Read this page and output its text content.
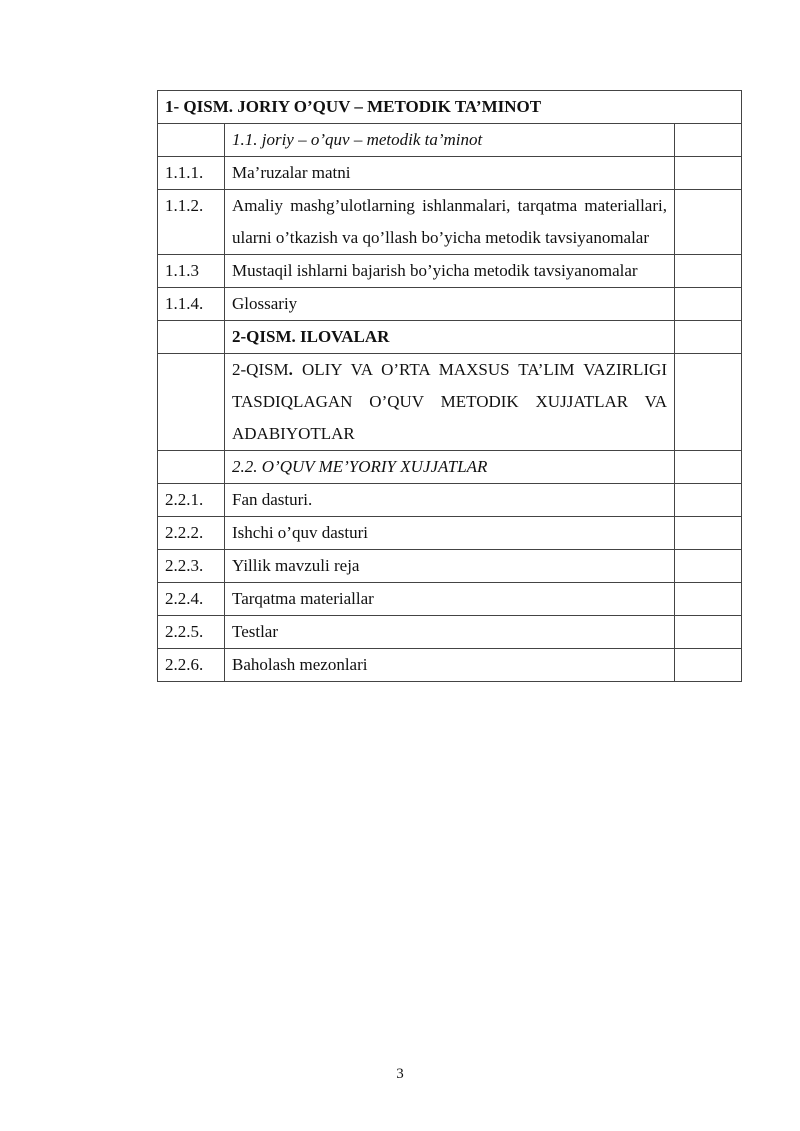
1- QISM. JORIY O’QUV – METODIK TA’MINOT		
	1.1. joriy – o’quv – metodik ta’minot	
1.1.1.	Ma’ruzalar matni	
1.1.2.	Amaliy mashg’ulotlarning ishlanmalari, tarqatma materiallari, ularni o’tkazish va qo’llash bo’yicha metodik tavsiyanomalar	
1.1.3	Mustaqil ishlarni bajarish bo’yicha metodik tavsiyanomalar	
1.1.4.	Glossariy	
	2-QISM. ILOVALAR	
	2-QISM. OLIY VA O’RTA MAXSUS TA’LIM VAZIRLIGI TASDIQLAGAN O’QUV METODIK XUJJATLAR VA ADABIYOTLAR	
	2.2. O’QUV ME’YORIY XUJJATLAR	
2.2.1.	Fan dasturi.	
2.2.2.	Ishchi o’quv dasturi	
2.2.3.	Yillik mavzuli reja	
2.2.4.	Tarqatma materiallar	
2.2.5.	Testlar	
2.2.6.	Baholash mezonlari	
3
